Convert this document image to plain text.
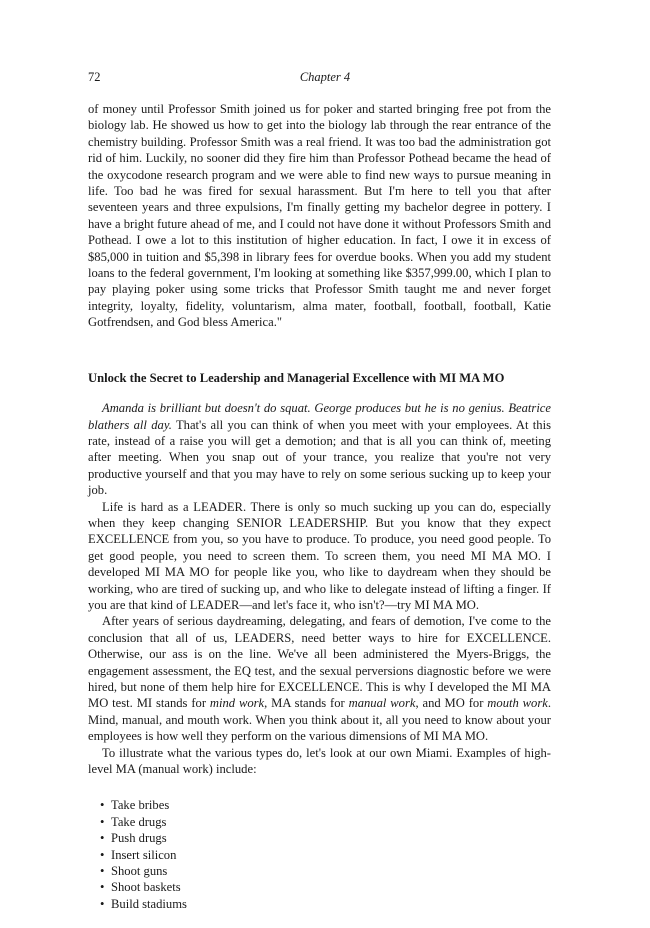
72	Chapter 4

of money until Professor Smith joined us for poker and started bringing free pot from the biology lab. He showed us how to get into the biology lab through the rear entrance of the chemistry building. Professor Smith was a real friend. It was too bad the administration got rid of him. Luckily, no sooner did they fire him than Professor Pothead became the head of the oxycodone research program and we were able to find new ways to pursue meaning in life. Too bad he was fired for sexual harassment. But I'm here to tell you that after seventeen years and three expulsions, I'm finally getting my bachelor degree in pottery. I have a bright future ahead of me, and I could not have done it without Professors Smith and Pothead. I owe a lot to this institution of higher education. In fact, I owe it in excess of $85,000 in tuition and $5,398 in library fees for overdue books. When you add my student loans to the federal government, I'm looking at something like $357,999.00, which I plan to pay playing poker using some tricks that Professor Smith taught me and never forget integrity, loyalty, fidelity, voluntarism, alma mater, football, football, football, Katie Gotfrendsen, and God bless America."

Unlock the Secret to Leadership and Managerial Excellence with MI MA MO

Amanda is brilliant but doesn't do squat. George produces but he is no genius. Beatrice blathers all day. That's all you can think of when you meet with your employees. At this rate, instead of a raise you will get a demotion; and that is all you can think of, meeting after meeting. When you snap out of your trance, you realize that you're not very productive yourself and that you may have to rely on some serious sucking up to keep your job.

Life is hard as a LEADER. There is only so much sucking up you can do, especially when they keep changing SENIOR LEADERSHIP. But you know that they expect EXCELLENCE from you, so you have to produce. To produce, you need good people. To get good people, you need to screen them. To screen them, you need MI MA MO. I developed MI MA MO for people like you, who like to daydream when they should be working, who are tired of sucking up, and who like to delegate instead of lifting a finger. If you are that kind of LEADER—and let's face it, who isn't?—try MI MA MO.

After years of serious daydreaming, delegating, and fears of demotion, I've come to the conclusion that all of us, LEADERS, need better ways to hire for EXCELLENCE. Otherwise, our ass is on the line. We've all been administered the Myers-Briggs, the engagement assessment, the EQ test, and the sexual perversions diagnostic before we were hired, but none of them help hire for EXCELLENCE. This is why I developed the MI MA MO test. MI stands for mind work, MA stands for manual work, and MO for mouth work. Mind, manual, and mouth work. When you think about it, all you need to know about your employees is how well they perform on the various dimensions of MI MA MO.

To illustrate what the various types do, let's look at our own Miami. Examples of high-level MA (manual work) include:

• Take bribes
• Take drugs
• Push drugs
• Insert silicon
• Shoot guns
• Shoot baskets
• Build stadiums
